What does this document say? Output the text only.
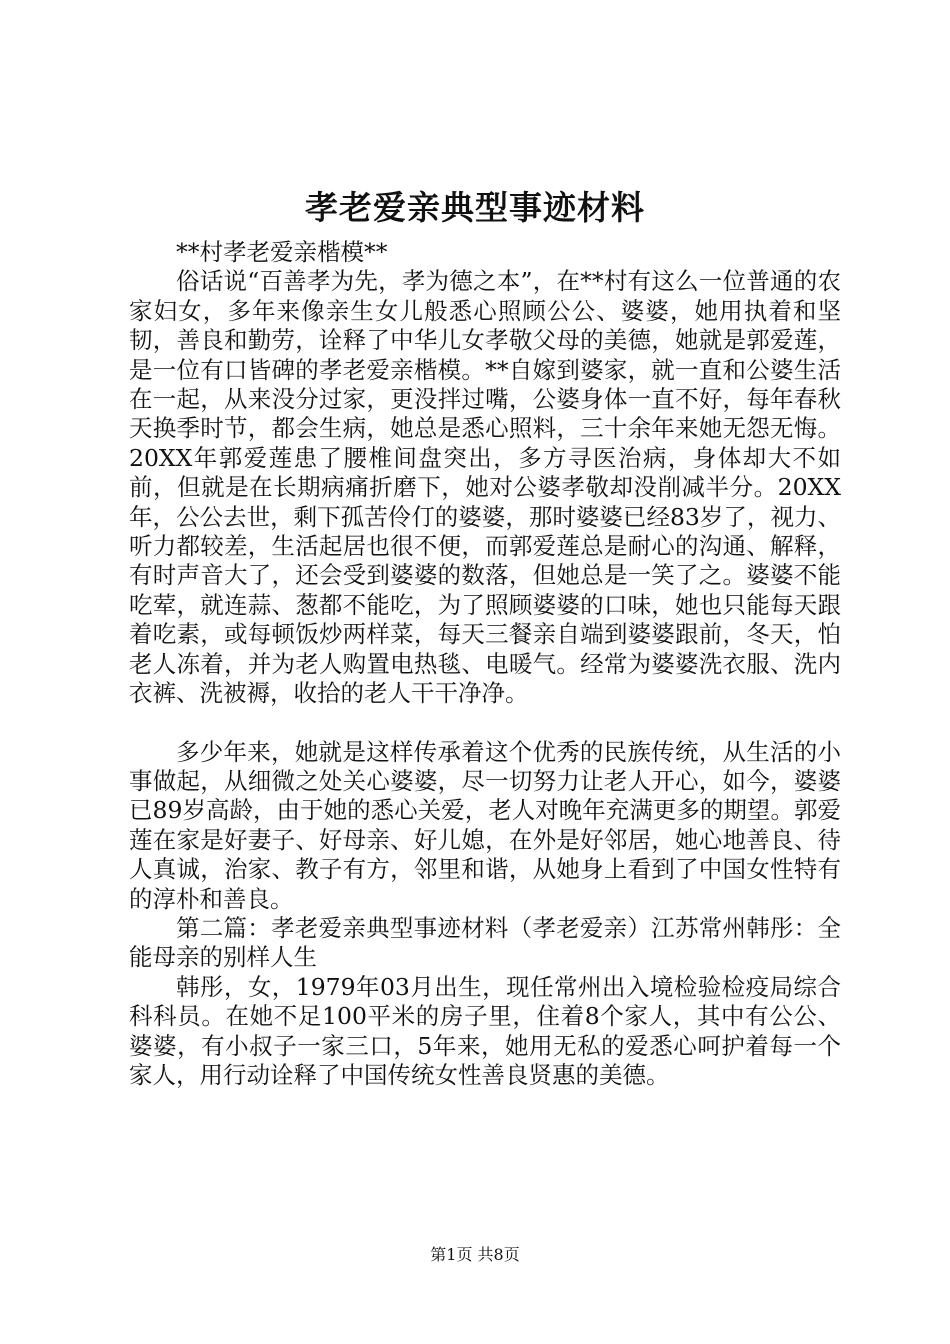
孝老爱亲典型事迹材料

**村孝老爱亲楷模**

俗话说“百善孝为先，孝为德之本”，在**村有这么一位普通的农家妇女，多年来像亲生女儿般悉心照顾公公、婆婆，她用执着和坚韧，善良和勤劳，诠释了中华儿女孝敬父母的美德，她就是郭爱莲，是一位有口皆碑的孝老爱亲楷模。**自嫁到婆家，就一直和公婆生活在一起，从来没分过家，更没拌过嘴，公婆身体一直不好，每年春秋天换季时节，都会生病，她总是悉心照料，三十余年来她无怨无悔。20XX年郭爱莲患了腰椎间盘突出，多方寻医治病，身体却大不如前，但就是在长期病痛折磨下，她对公婆孝敬却没削减半分。20XX年，公公去世，剩下孤苦伶仃的婆婆，那时婆婆已经83岁了，视力、听力都较差，生活起居也很不便，而郭爱莲总是耐心的沟通、解释，有时声音大了，还会受到婆婆的数落，但她总是一笑了之。婆婆不能吃荤，就连蒜、葱都不能吃，为了照顾婆婆的口味，她也只能每天跟着吃素，或每顿饭炒两样菜，每天三餐亲自端到婆婆跟前，冬天，怕老人冻着，并为老人购置电热毯、电暖气。经常为婆婆洗衣服、洗内衣裤、洗被褥，收拾的老人干干净净。

多少年来，她就是这样传承着这个优秀的民族传统，从生活的小事做起，从细微之处关心婆婆，尽一切努力让老人开心，如今，婆婆已89岁高龄，由于她的悉心关爱，老人对晚年充满更多的期望。郭爱莲在家是好妻子、好母亲、好儿媳，在外是好邻居，她心地善良、待人真诚，治家、教子有方，邻里和谐，从她身上看到了中国女性特有的淳朴和善良。

第二篇：孝老爱亲典型事迹材料（孝老爱亲）江苏常州韩彤：全能母亲的别样人生

韩彤，女，1979年03月出生，现任常州出入境检验检疫局综合科科员。在她不足100平米的房子里，住着8个家人，其中有公公、婆婆，有小叔子一家三口，5年来，她用无私的爱悉心呵护着每一个家人，用行动诠释了中国传统女性善良贤惠的美德。

第1页 共8页
